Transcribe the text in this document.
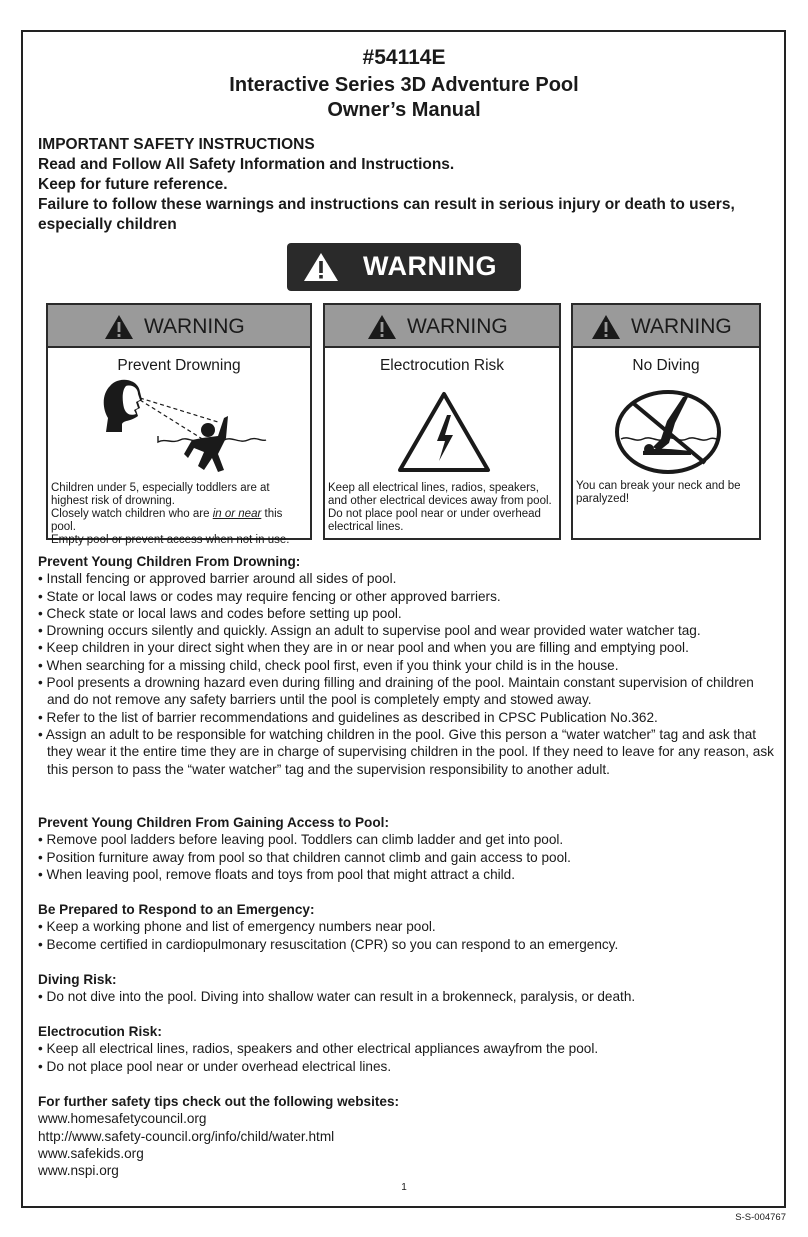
#54114E
Interactive Series 3D Adventure Pool
Owner’s Manual
IMPORTANT SAFETY INSTRUCTIONS
Read and Follow All Safety Information and Instructions.
Keep for future reference.
Failure to follow these warnings and instructions can result in serious injury or death to users, especially children
WARNING
WARNING
Prevent Drowning
Children under 5, especially toddlers are at highest risk of drowning.
Closely watch children who are in or near this pool.
Empty pool or prevent access when not in use.
WARNING
Electrocution Risk
Keep all electrical lines, radios, speakers, and other electrical devices away from pool.
Do not place pool near or under overhead electrical lines.
WARNING
No Diving
You can break your neck and be paralyzed!
Prevent Young Children From Drowning:
• Install fencing or approved barrier around all sides of pool.
• State or local laws or codes may require fencing or other approved barriers.
• Check state or local laws and codes before setting up pool.
• Drowning occurs silently and quickly. Assign an adult to supervise pool and wear provided water watcher tag.
• Keep children in your direct sight when they are in or near pool and when you are filling and emptying pool.
• When searching for a missing child, check pool first, even if you think your child is in the house.
• Pool presents a drowning hazard even during filling and draining of the pool. Maintain constant supervision of children and do not remove any safety barriers until the pool is completely empty and stowed away.
• Refer to the list of barrier recommendations and guidelines as described in CPSC Publication No.362.
• Assign an adult to be responsible for watching children in the pool. Give this person a “water watcher” tag and ask that they wear it the entire time they are in charge of supervising children in the pool. If they need to leave for any reason, ask this person to pass the “water watcher” tag and the supervision responsibility to another adult.
Prevent Young Children From Gaining Access to Pool:
• Remove pool ladders before leaving pool. Toddlers can climb ladder and get into pool.
• Position furniture away from pool so that children cannot climb and gain access to pool.
• When leaving pool, remove floats and toys from pool that might attract a child.
Be Prepared to Respond to an Emergency:
• Keep a working phone and list of emergency numbers near pool.
• Become certified in cardiopulmonary resuscitation (CPR) so you can respond to an emergency.
Diving Risk:
• Do not dive into the pool. Diving into shallow water can result in a brokenneck, paralysis, or death.
Electrocution Risk:
• Keep all electrical lines, radios, speakers and other electrical appliances awayfrom the pool.
• Do not place pool near or under overhead electrical lines.
For further safety tips check out the following websites:
www.homesafetycouncil.org
http://www.safety-council.org/info/child/water.html
www.safekids.org
www.nspi.org
1
S-S-004767
